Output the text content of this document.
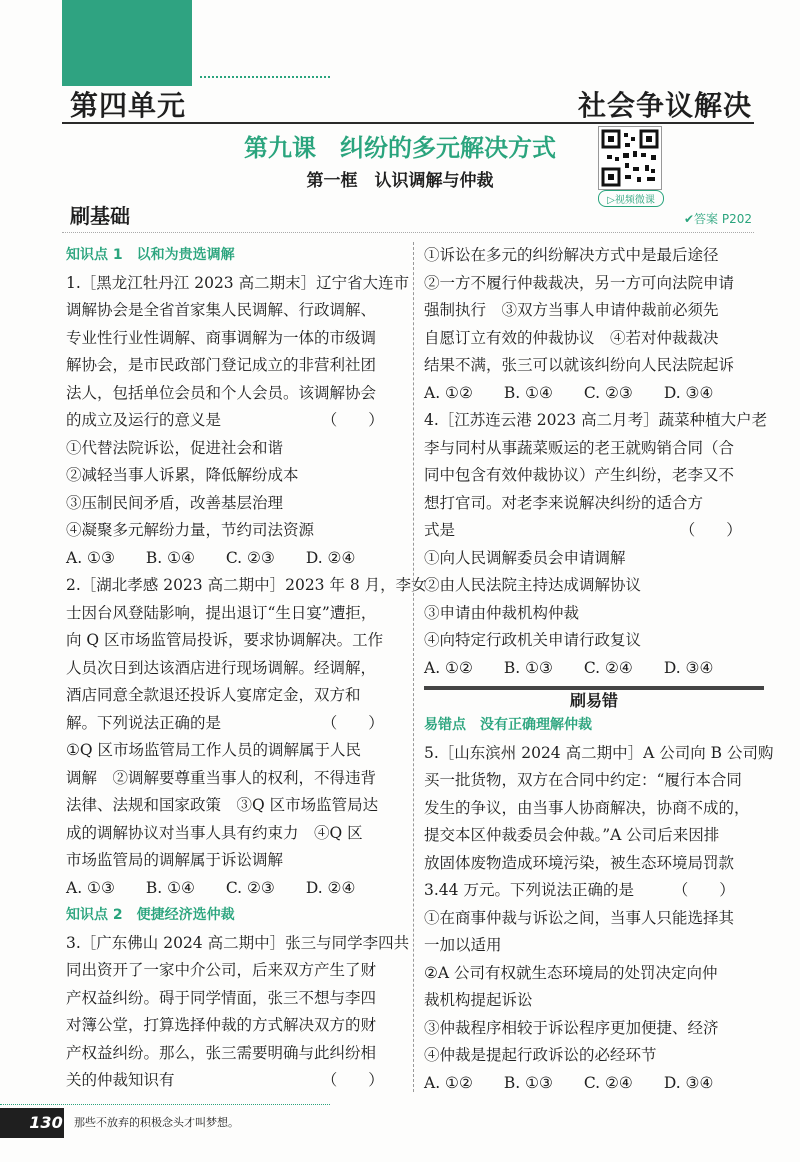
第四单元	社会争议解决
第九课　纠纷的多元解决方式
第一框　认识调解与仲裁
▷视频微课
刷基础	✔答案 P202
知识点 1　以和为贵选调解
1.［黑龙江牡丹江 2023 高二期末］辽宁省大连市
调解协会是全省首家集人民调解、行政调解、
专业性行业性调解、商事调解为一体的市级调
解协会，是市民政部门登记成立的非营利社团
法人，包括单位会员和个人会员。该调解协会
的成立及运行的意义是　　　　　　　（　　）
①代替法院诉讼，促进社会和谐
②减轻当事人诉累，降低解纷成本
③压制民间矛盾，改善基层治理
④凝聚多元解纷力量，节约司法资源
A. ①③　　B. ①④　　C. ②③　　D. ②④
2.［湖北孝感 2023 高二期中］2023 年 8 月，李女
士因台风登陆影响，提出退订“生日宴”遭拒，
向 Q 区市场监管局投诉，要求协调解决。工作
人员次日到达该酒店进行现场调解。经调解，
酒店同意全款退还投诉人宴席定金，双方和
解。下列说法正确的是　　　　　　　（　　）
①Q 区市场监管局工作人员的调解属于人民
调解　②调解要尊重当事人的权利，不得违背
法律、法规和国家政策　③Q 区市场监管局达
成的调解协议对当事人具有约束力　④Q 区
市场监管局的调解属于诉讼调解
A. ①③　　B. ①④　　C. ②③　　D. ②④
知识点 2　便捷经济选仲裁
3.［广东佛山 2024 高二期中］张三与同学李四共
同出资开了一家中介公司，后来双方产生了财
产权益纠纷。碍于同学情面，张三不想与李四
对簿公堂，打算选择仲裁的方式解决双方的财
产权益纠纷。那么，张三需要明确与此纠纷相
关的仲裁知识有　　　　　　　　　　（　　）
①诉讼在多元的纠纷解决方式中是最后途径
②一方不履行仲裁裁决，另一方可向法院申请
强制执行　③双方当事人申请仲裁前必须先
自愿订立有效的仲裁协议　④若对仲裁裁决
结果不满，张三可以就该纠纷向人民法院起诉
A. ①②　　B. ①④　　C. ②③　　D. ③④
4.［江苏连云港 2023 高二月考］蔬菜种植大户老
李与同村从事蔬菜贩运的老王就购销合同（合
同中包含有效仲裁协议）产生纠纷，老李又不
想打官司。对老李来说解决纠纷的适合方
式是　　　　　　　　　　　　　　　（　　）
①向人民调解委员会申请调解
②由人民法院主持达成调解协议
③申请由仲裁机构仲裁
④向特定行政机关申请行政复议
A. ①②　　B. ①③　　C. ②④　　D. ③④
刷易错
易错点　没有正确理解仲裁
5.［山东滨州 2024 高二期中］A 公司向 B 公司购
买一批货物，双方在合同中约定：“履行本合同
发生的争议，由当事人协商解决，协商不成的，
提交本区仲裁委员会仲裁。”A 公司后来因排
放固体废物造成环境污染，被生态环境局罚款
3.44 万元。下列说法正确的是　　　（　　）
①在商事仲裁与诉讼之间，当事人只能选择其
一加以适用
②A 公司有权就生态环境局的处罚决定向仲
裁机构提起诉讼
③仲裁程序相较于诉讼程序更加便捷、经济
④仲裁是提起行政诉讼的必经环节
A. ①②　　B. ①③　　C. ②④　　D. ③④
130 那些不放弃的积极念头才叫梦想。
